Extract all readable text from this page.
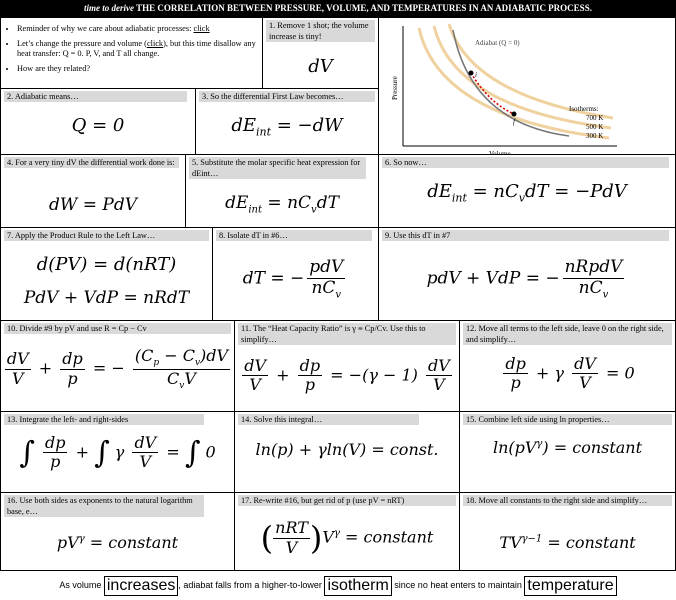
time to derive THE CORRELATION BETWEEN PRESSURE, VOLUME, AND TEMPERATURES IN AN ADIABATIC PROCESS.
• Reminder of why we care about adiabatic processes: click
• Let’s change the pressure and volume (click), but this time disallow any heat transfer: Q = 0. P, V, and T all change.
• How are they related?
1. Remove 1 shot; the volume increase is tiny!
dV	i
f
Adiabat (Q = 0)
Pressure
Isotherms:
700 K
500 K
300 K
2. Adiabatic means…
Q = 0
3. So the differential First Law becomes…
$dE_{int} = -dW$
4. For a very tiny dV the differential work done is:
dW = PdV
5. Substitute the molar specific heat expression for dEint…
$dE_{int} = nC_vdT$
6. So now…
$dE_{int} = nC_vdT = -PdV$
7. Apply the Product Rule to the Left Law…
d(PV) = d(nRT)
PdV + VdP = nRdT
8. Isolate dT in #6…
dT = − $\frac{\text{pdV}}{nC_v}$
9. Use this dT in #7
pdV + VdP = − $\frac{\text{nRpdV}}{nC_v}$
10. Divide #9 by pV and use R = Cp − Cv
$\frac{dV}{V} + \frac{dp}{p}$ = − $\frac{(C_p - C_v)dV}{C_vV}$
11. The “Heat Capacity Ratio” is γ ≡ Cp/Cv. Use this to simplify…
$\frac{dV}{V} + \frac{dp}{p} = -(\gamma - 1) \frac{dV}{V}$
12. Move all terms to the left side, leave 0 on the right side, and simplify…
$\frac{dp}{p} + \gamma \frac{dV}{V} = 0$
13. Integrate the left- and right-sides
∫ $\frac{dp}{p}$ + ∫ γ $\frac{dV}{V}$ = ∫ 0
14. Solve this integral…
ln(p) + γln(V) = const.
15. Combine left side using ln properties…
$\ln(pV^\gamma)$ = constant
16. Use both sides as exponents to the natural logarithm base, e…
$pV^\gamma$ = constant
17. Re-write #16, but get rid of p (use pV = nRT)
( $\frac{\text{nRT}}{V} )V^\gamma$ = constant
18. Move all constants to the right side and simplify…
$TV^{\gamma-1}$ = constant
As volume increases , adiabat falls from a higher-to-lower isotherm since no heat enters to maintain temperature
